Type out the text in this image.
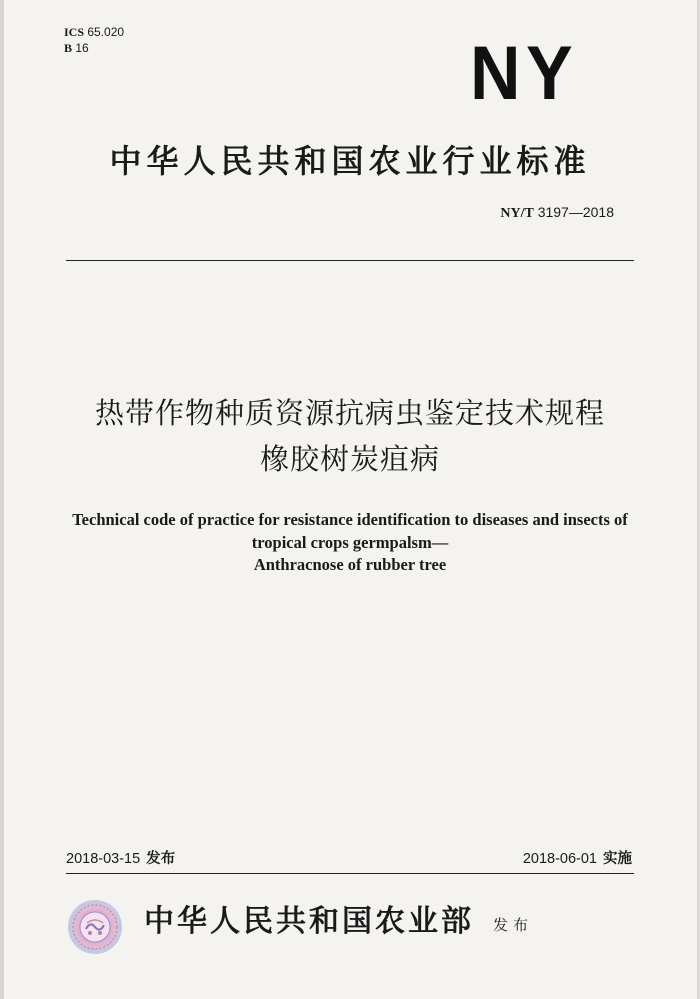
ICS 65.020
B 16	NY
中华人民共和国农业行业标准
NY/T 3197—2018
热带作物种质资源抗病虫鉴定技术规程
橡胶树炭疽病
Technical code of practice for resistance identification to diseases and insects of
tropical crops germpalsm—
Anthracnose of rubber tree
2018-03-15 发布	2018-06-01 实施
中华人民共和国农业部 发布
